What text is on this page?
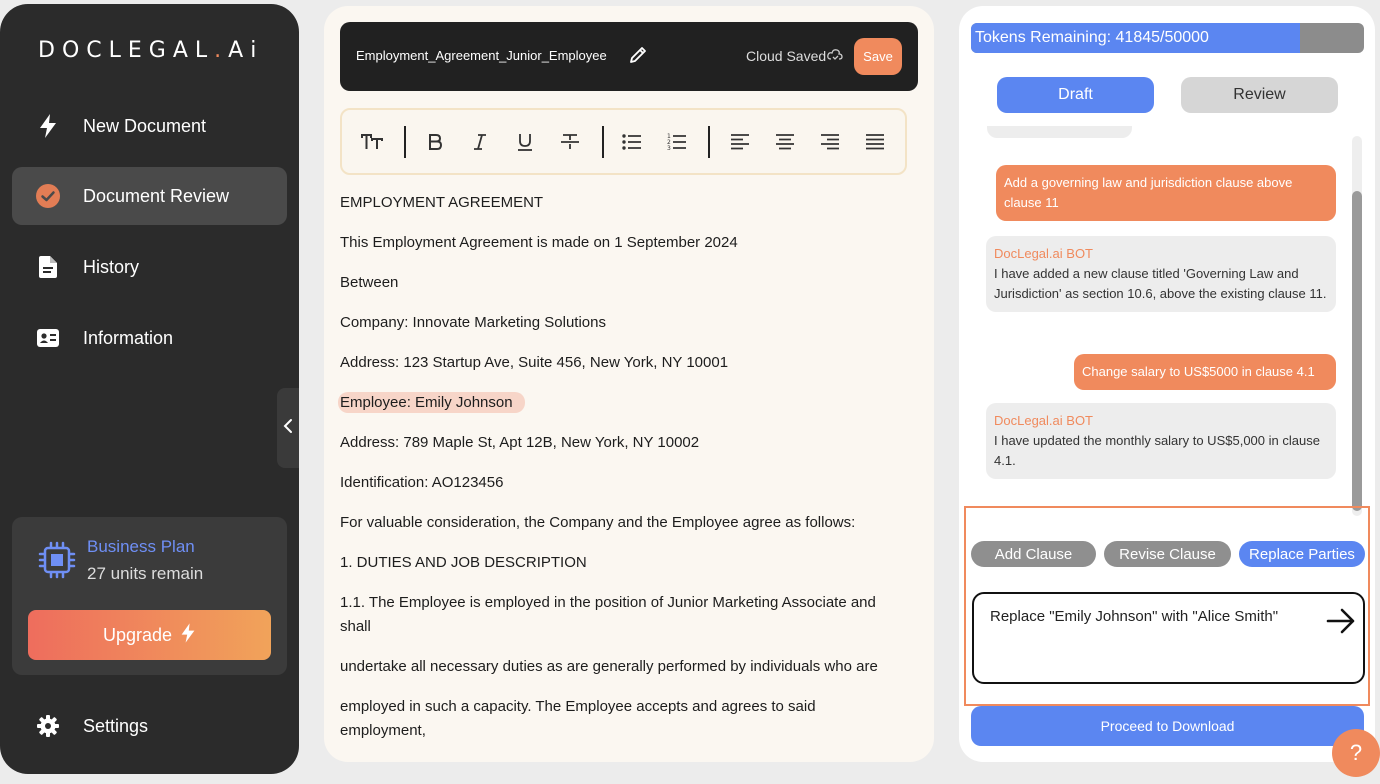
DOCLEGAL.Ai
New Document
Document Review
History
Information
Business Plan
27 units remain
Upgrade
Settings
Employment_Agreement_Junior_Employee	Cloud Saved	Save
1
2
3
EMPLOYMENT AGREEMENT
This Employment Agreement is made on 1 September 2024
Between
Company: Innovate Marketing Solutions
Address: 123 Startup Ave, Suite 456, New York, NY 10001
Employee: Emily Johnson
Address: 789 Maple St, Apt 12B, New York, NY 10002
Identification: AO123456
For valuable consideration, the Company and the Employee agree as follows:
1. DUTIES AND JOB DESCRIPTION
1.1. The Employee is employed in the position of Junior Marketing Associate and shall
undertake all necessary duties as are generally performed by individuals who are
employed in such a capacity. The Employee accepts and agrees to said employment,
Tokens Remaining: 41845/50000
Draft	Review
Add a governing law and jurisdiction clause above clause 11
DocLegal.ai BOT
I have added a new clause titled 'Governing Law and Jurisdiction' as section 10.6, above the existing clause 11.
Change salary to US$5000 in clause 4.1
DocLegal.ai BOT
I have updated the monthly salary to US$5,000 in clause 4.1.
Add Clause	Revise Clause	Replace Parties
Replace "Emily Johnson" with "Alice Smith"
Proceed to Download
?
